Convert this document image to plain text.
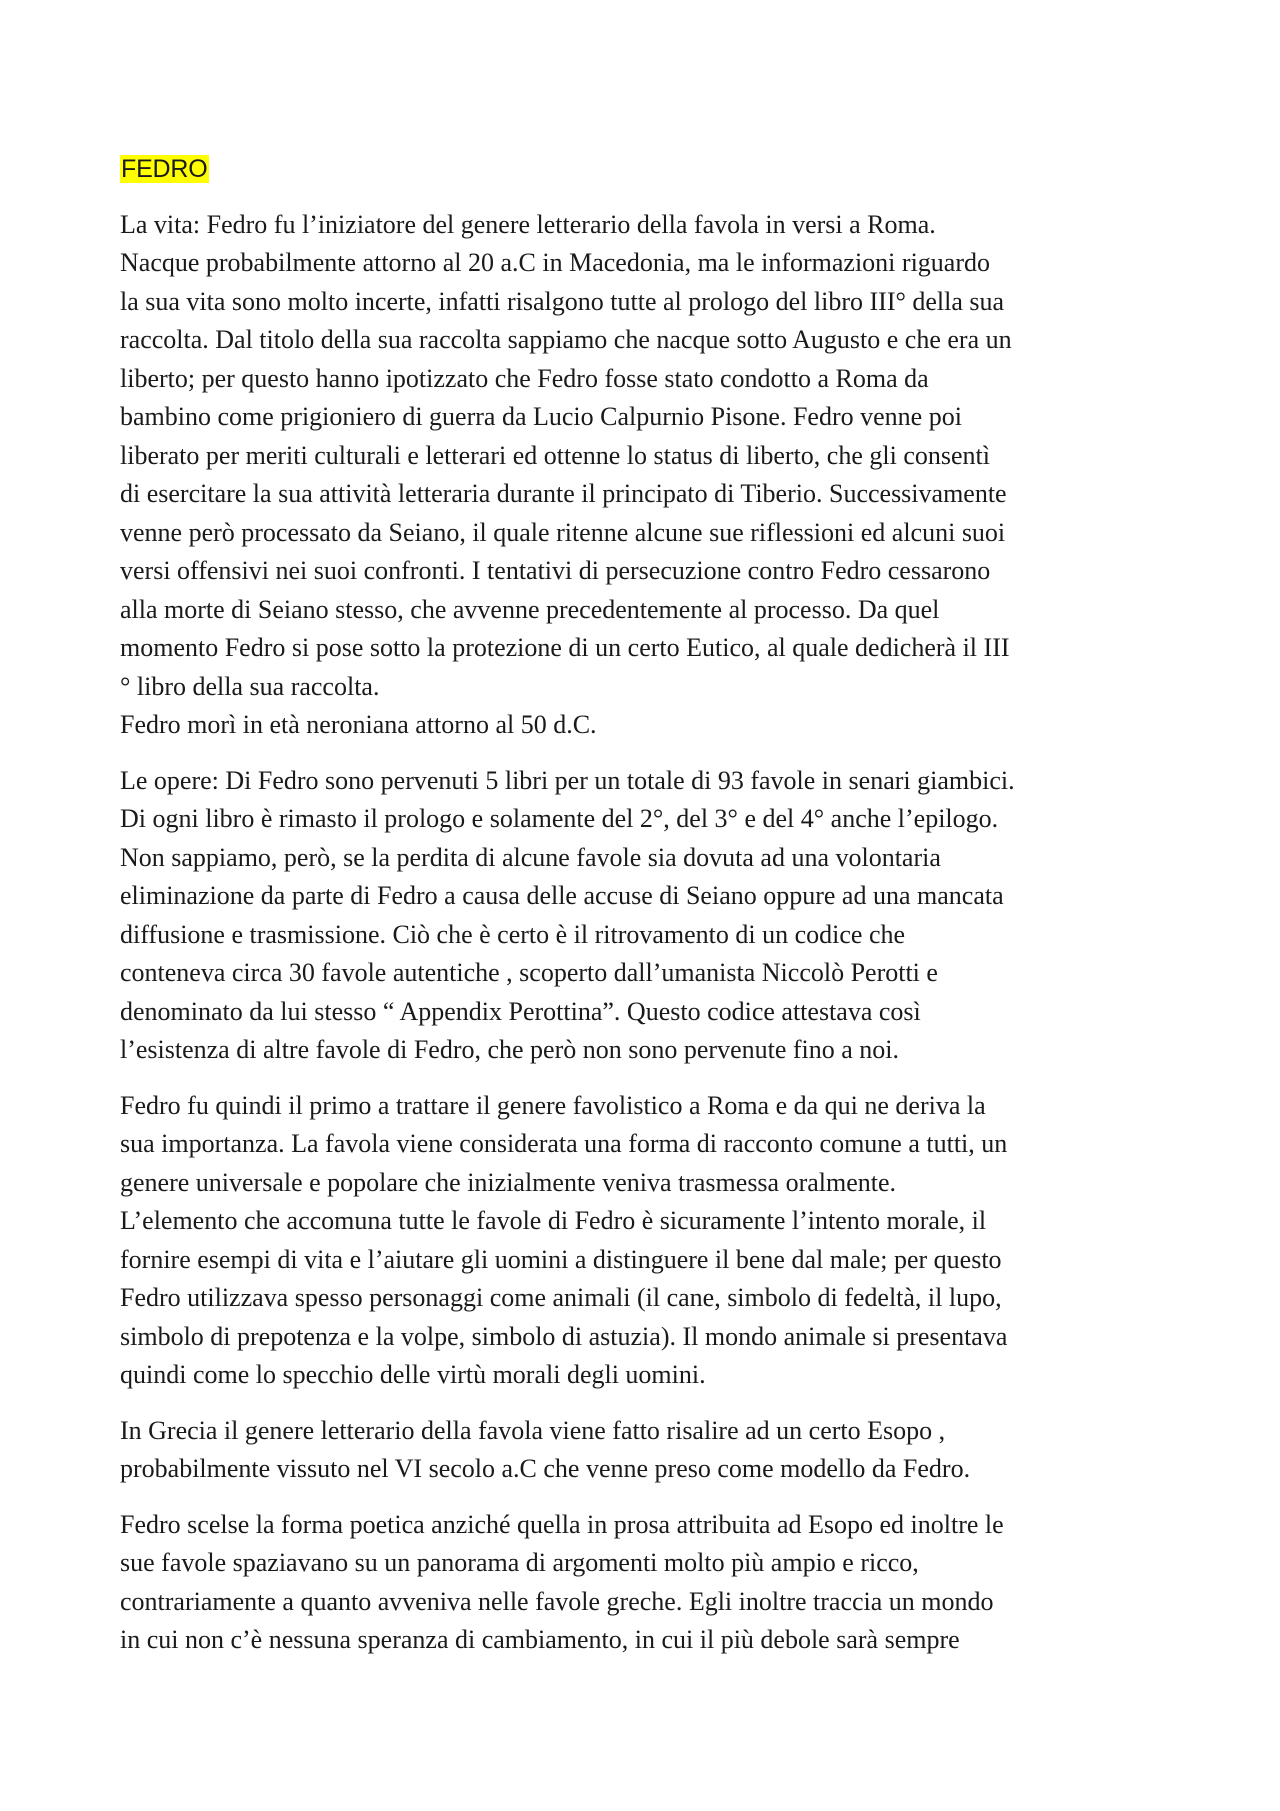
FEDRO
La vita: Fedro fu l’iniziatore del genere letterario della favola in versi a Roma.
Nacque probabilmente attorno al 20 a.C in Macedonia, ma le informazioni riguardo
la sua vita sono molto incerte, infatti risalgono tutte al prologo del libro III° della sua
raccolta. Dal titolo della sua raccolta sappiamo che nacque sotto Augusto e che era un
liberto; per questo hanno ipotizzato che Fedro fosse stato condotto a Roma da
bambino come prigioniero di guerra da Lucio Calpurnio Pisone. Fedro venne poi
liberato per meriti culturali e letterari ed ottenne lo status di liberto, che gli consentì
di esercitare la sua attività letteraria durante il principato di Tiberio. Successivamente
venne però processato da Seiano, il quale ritenne alcune sue riflessioni ed alcuni suoi
versi offensivi nei suoi confronti. I tentativi di persecuzione contro Fedro cessarono
alla morte di Seiano stesso, che avvenne precedentemente al processo. Da quel
momento Fedro si pose sotto la protezione di un certo Eutico, al quale dedicherà il III
° libro della sua raccolta.
Fedro morì in età neroniana attorno al 50 d.C.
Le opere: Di Fedro sono pervenuti 5 libri per un totale di 93 favole in senari giambici.
Di ogni libro è rimasto il prologo e solamente del 2°, del 3° e del 4° anche l’epilogo.
Non sappiamo, però, se la perdita di alcune favole sia dovuta ad una volontaria
eliminazione da parte di Fedro a causa delle accuse di Seiano oppure ad una mancata
diffusione e trasmissione. Ciò che è certo è il ritrovamento di un codice che
conteneva circa 30 favole autentiche , scoperto dall’umanista Niccolò Perotti e
denominato da lui stesso “ Appendix Perottina”. Questo codice attestava così
l’esistenza di altre favole di Fedro, che però non sono pervenute fino a noi.
Fedro fu quindi il primo a trattare il genere favolistico a Roma e da qui ne deriva la
sua importanza. La favola viene considerata una forma di racconto comune a tutti, un
genere universale e popolare che inizialmente veniva trasmessa oralmente.
L’elemento che accomuna tutte le favole di Fedro è sicuramente l’intento morale, il
fornire esempi di vita e l’aiutare gli uomini a distinguere il bene dal male; per questo
Fedro utilizzava spesso personaggi come animali (il cane, simbolo di fedeltà, il lupo,
simbolo di prepotenza e la volpe, simbolo di astuzia). Il mondo animale si presentava
quindi come lo specchio delle virtù morali degli uomini.
In Grecia il genere letterario della favola viene fatto risalire ad un certo Esopo ,
probabilmente vissuto nel VI secolo a.C che venne preso come modello da Fedro.
Fedro scelse la forma poetica anziché quella in prosa attribuita ad Esopo ed inoltre le
sue favole spaziavano su un panorama di argomenti molto più ampio e ricco,
contrariamente a quanto avveniva nelle favole greche. Egli inoltre traccia un mondo
in cui non c’è nessuna speranza di cambiamento, in cui il più debole sarà sempre
